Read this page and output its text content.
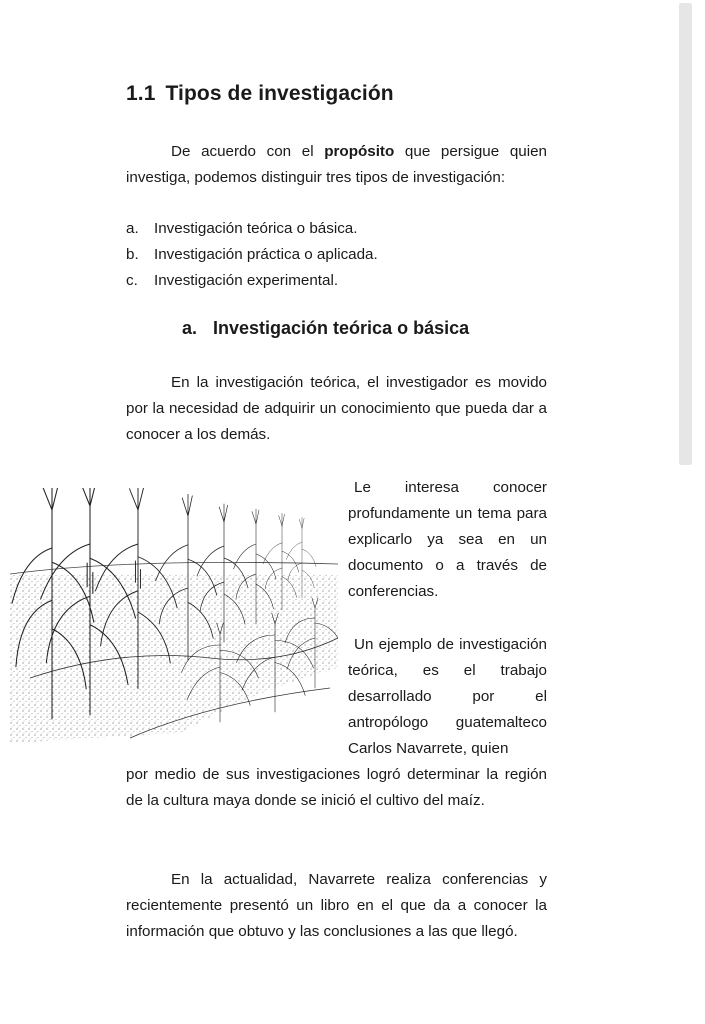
1.1 Tipos de investigación

De acuerdo con el propósito que persigue quien investiga, podemos distinguir tres tipos de investigación:

a. Investigación teórica o básica.
b. Investigación práctica o aplicada.
c. Investigación experimental.
a. Investigación teórica o básica

En la investigación teórica, el investigador es movido por la necesidad de adquirir un conocimiento que pueda dar a conocer a los demás.

Le interesa conocer profundamente un tema para explicarlo ya sea en un documento o a través de conferencias.

Un ejemplo de investigación teórica, es el trabajo desarrollado por el antropólogo guatemalteco Carlos Navarrete, quien

por medio de sus investigaciones logró determinar la región de la cultura maya donde se inició el cultivo del maíz.

En la actualidad, Navarrete realiza conferencias y recientemente presentó un libro en el que da a conocer la información que obtuvo y las conclusiones a las que llegó.
